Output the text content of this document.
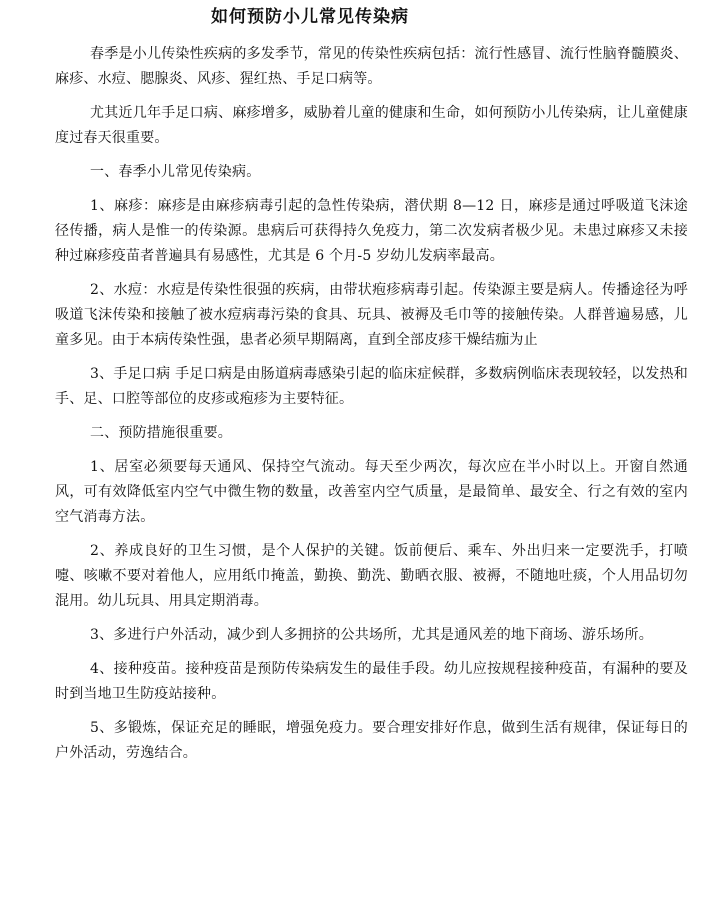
如何预防小儿常见传染病

春季是小儿传染性疾病的多发季节，常见的传染性疾病包括：流行性感冒、流行性脑脊髓膜炎、麻疹、水痘、腮腺炎、风疹、猩红热、手足口病等。

尤其近几年手足口病、麻疹增多，威胁着儿童的健康和生命，如何预防小儿传染病，让儿童健康度过春天很重要。

一、春季小儿常见传染病。

1、麻疹：麻疹是由麻疹病毒引起的急性传染病，潜伏期 8—12 日，麻疹是通过呼吸道飞沫途径传播，病人是惟一的传染源。患病后可获得持久免疫力，第二次发病者极少见。未患过麻疹又未接种过麻疹疫苗者普遍具有易感性，尤其是 6 个月-5 岁幼儿发病率最高。

2、水痘：水痘是传染性很强的疾病，由带状疱疹病毒引起。传染源主要是病人。传播途径为呼吸道飞沫传染和接触了被水痘病毒污染的食具、玩具、被褥及毛巾等的接触传染。人群普遍易感，儿童多见。由于本病传染性强，患者必须早期隔离，直到全部皮疹干燥结痂为止

3、手足口病 手足口病是由肠道病毒感染引起的临床症候群，多数病例临床表现较轻，以发热和手、足、口腔等部位的皮疹或疱疹为主要特征。

二、预防措施很重要。

1、居室必须要每天通风、保持空气流动。每天至少两次，每次应在半小时以上。开窗自然通风，可有效降低室内空气中微生物的数量，改善室内空气质量，是最简单、最安全、行之有效的室内空气消毒方法。

2、养成良好的卫生习惯，是个人保护的关键。饭前便后、乘车、外出归来一定要洗手，打喷嚏、咳嗽不要对着他人，应用纸巾掩盖，勤换、勤洗、勤晒衣服、被褥，不随地吐痰，个人用品切勿混用。幼儿玩具、用具定期消毒。

3、多进行户外活动，减少到人多拥挤的公共场所，尤其是通风差的地下商场、游乐场所。

4、接种疫苗。接种疫苗是预防传染病发生的最佳手段。幼儿应按规程接种疫苗，有漏种的要及时到当地卫生防疫站接种。

5、多锻炼，保证充足的睡眠，增强免疫力。要合理安排好作息，做到生活有规律，保证每日的户外活动，劳逸结合。
